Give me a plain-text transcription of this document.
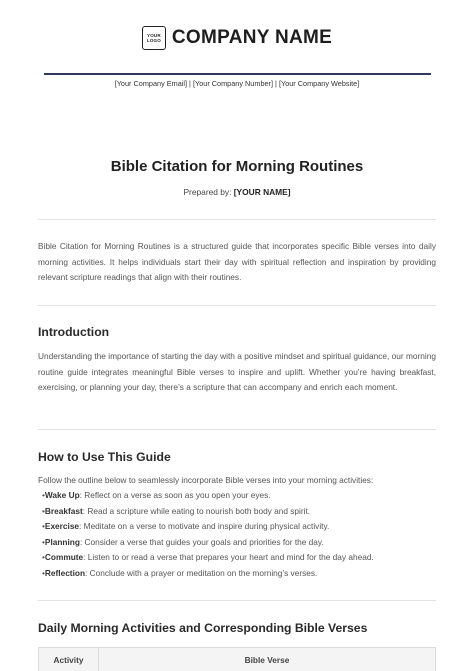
YOUR
LOGO COMPANY NAME
[Your Company Email] | [Your Company Number] | [Your Company Website]
Bible Citation for Morning Routines
Prepared by: [YOUR NAME]

Bible Citation for Morning Routines is a structured guide that incorporates specific Bible verses into daily morning activities. It helps individuals start their day with spiritual reflection and inspiration by providing relevant scripture readings that align with their routines.

Introduction

Understanding the importance of starting the day with a positive mindset and spiritual guidance, our morning routine guide integrates meaningful Bible verses to inspire and uplift. Whether you’re having breakfast, exercising, or planning your day, there’s a scripture that can accompany and enrich each moment.

How to Use This Guide

Follow the outline below to seamlessly incorporate Bible verses into your morning activities:

•Wake Up: Reflect on a verse as soon as you open your eyes.
•Breakfast: Read a scripture while eating to nourish both body and spirit.
•Exercise: Meditate on a verse to motivate and inspire during physical activity.
•Planning: Consider a verse that guides your goals and priorities for the day.
•Commute: Listen to or read a verse that prepares your heart and mind for the day ahead.
•Reflection: Conclude with a prayer or meditation on the morning’s verses.
Daily Morning Activities and Corresponding Bible Verses
Activity	Bible Verse
